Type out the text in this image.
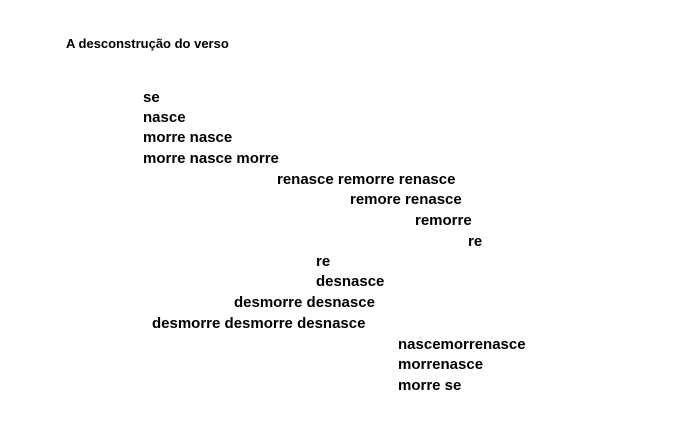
A desconstrução do verso
se
nasce
morre nasce
morre nasce morre
renasce remorre renasce
remore renasce
remorre
re
re
desnasce
desmorre desnasce
desmorre desmorre desnasce
nascemorrenasce
morrenasce
morre se
